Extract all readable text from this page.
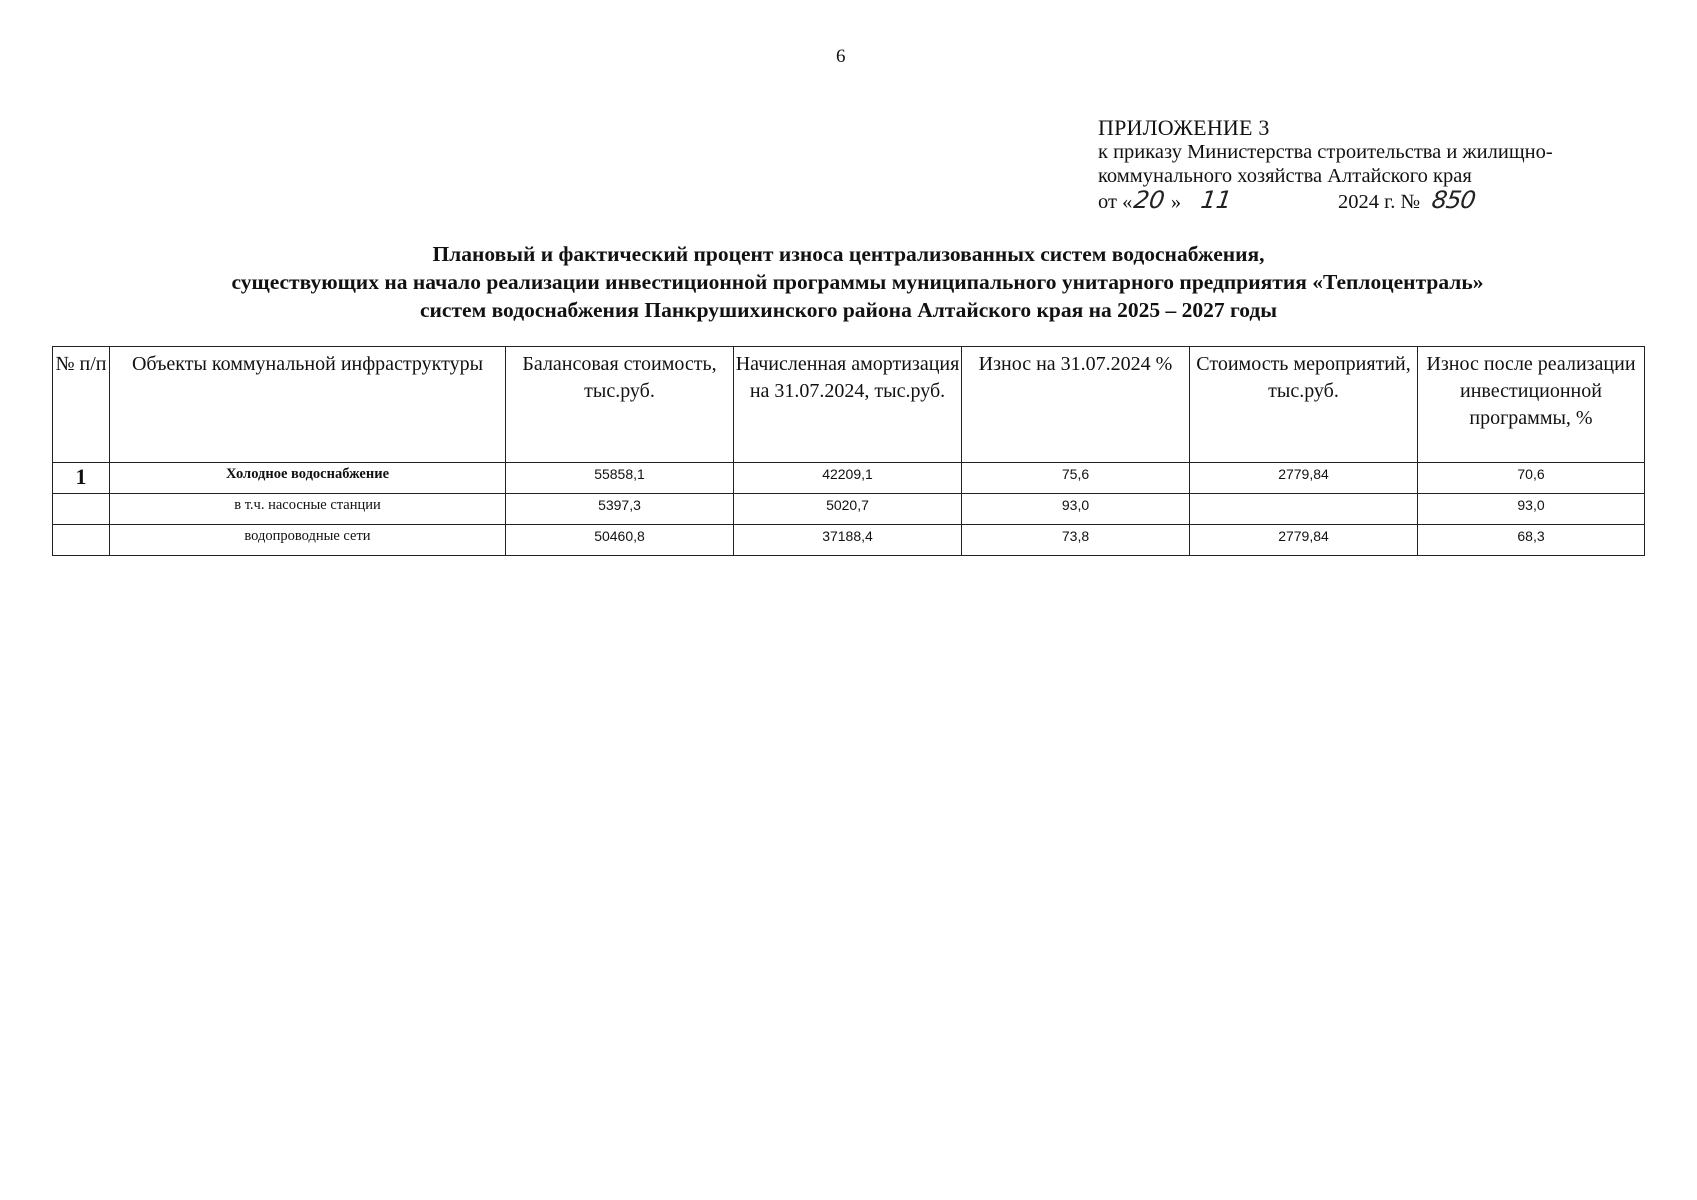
6
ПРИЛОЖЕНИЕ 3
к приказу Министерства строительства и жилищно-
коммунального хозяйства Алтайского края
от «20 » 11	2024 г. № 850
Плановый и фактический процент износа централизованных систем водоснабжения,
существующих на начало реализации инвестиционной программы муниципального унитарного предприятия «Теплоцентраль»
систем водоснабжения Панкрушихинского района Алтайского края на 2025 – 2027 годы
№ п/п	Объекты коммунальной инфраструктуры	Балансовая стоимость, тыс.руб.	Начисленная амортизация на 31.07.2024, тыс.руб.	Износ на 31.07.2024 %	Стоимость мероприятий, тыс.руб.	Износ после реализации инвестиционной программы, %
1	Холодное водоснабжение	55858,1	42209,1	75,6	2779,84	70,6
	в т.ч. насосные станции	5397,3	5020,7	93,0		93,0
	водопроводные сети	50460,8	37188,4	73,8	2779,84	68,3
